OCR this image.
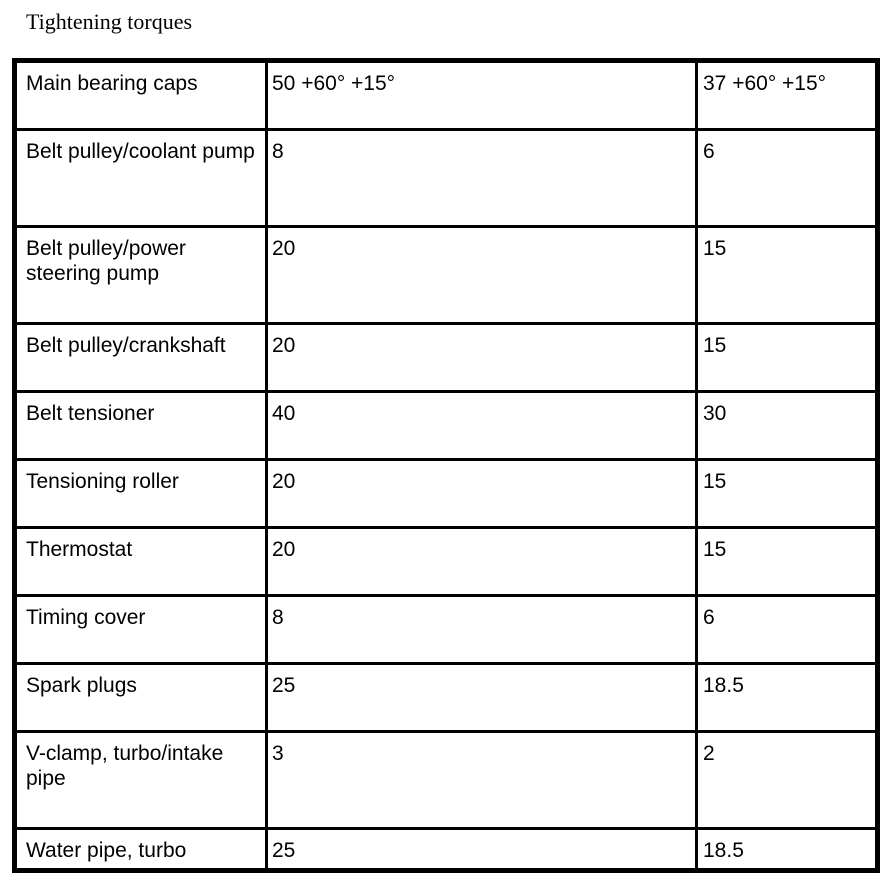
Tightening torques
Main bearing caps	50 +60° +15°	37 +60° +15°
Belt pulley/coolant pump	8	6
Belt pulley/power steering pump	20	15
Belt pulley/crankshaft	20	15
Belt tensioner	40	30
Tensioning roller	20	15
Thermostat	20	15
Timing cover	8	6
Spark plugs	25	18.5
V-clamp, turbo/intake pipe	3	2
Water pipe, turbo	25	18.5
